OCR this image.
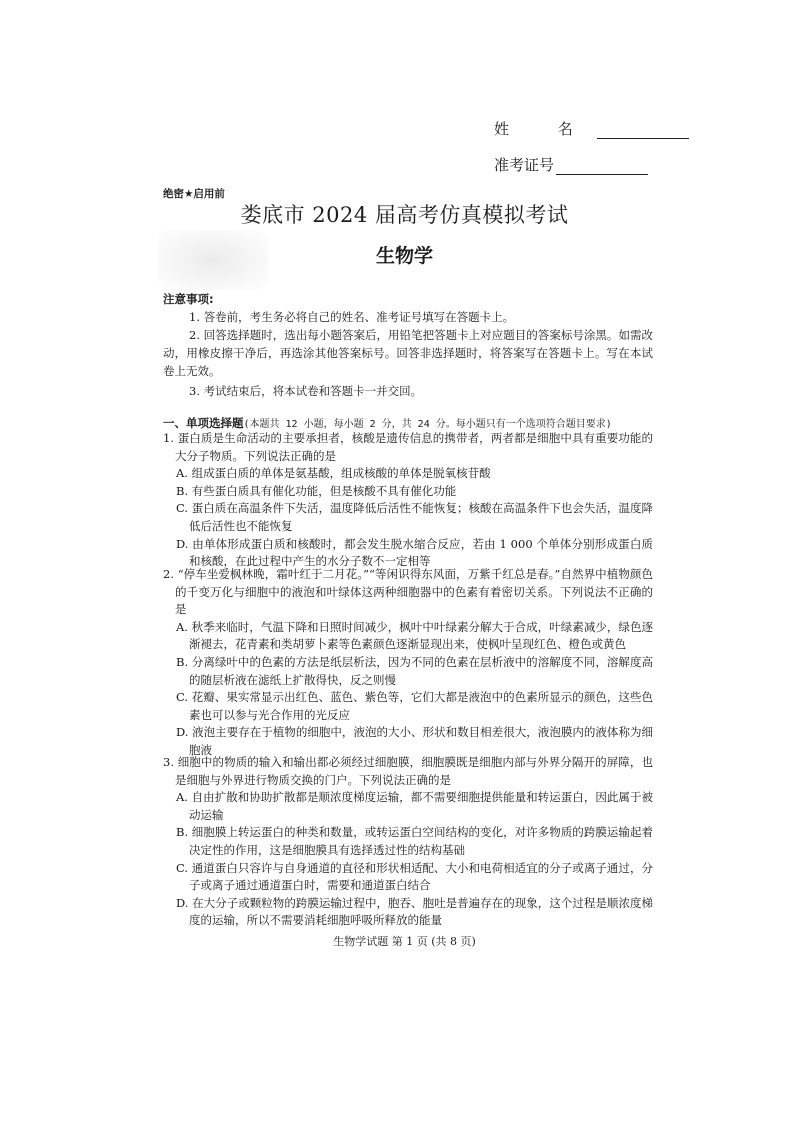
姓 名
准考证号
绝密★启用前
娄底市 2024 届高考仿真模拟考试
生物学
注意事项:
1. 答卷前，考生务必将自己的姓名、准考证号填写在答题卡上。
2. 回答选择题时，选出每小题答案后，用铅笔把答题卡上对应题目的答案标号涂黑。如需改动，用橡皮擦干净后，再选涂其他答案标号。回答非选择题时，将答案写在答题卡上。写在本试卷上无效。
3. 考试结束后，将本试卷和答题卡一并交回。
一、单项选择题(本题共 12 小题，每小题 2 分，共 24 分。每小题只有一个选项符合题目要求)
1. 蛋白质是生命活动的主要承担者，核酸是遗传信息的携带者，两者都是细胞中具有重要功能的大分子物质。下列说法正确的是
A. 组成蛋白质的单体是氨基酸，组成核酸的单体是脱氧核苷酸
B. 有些蛋白质具有催化功能，但是核酸不具有催化功能
C. 蛋白质在高温条件下失活，温度降低后活性不能恢复；核酸在高温条件下也会失活，温度降低后活性也不能恢复
D. 由单体形成蛋白质和核酸时，都会发生脱水缩合反应，若由 1 000 个单体分别形成蛋白质和核酸，在此过程中产生的水分子数不一定相等
2. “停车坐爱枫林晚，霜叶红于二月花。”“等闲识得东风面，万紫千红总是春。”自然界中植物颜色的千变万化与细胞中的液泡和叶绿体这两种细胞器中的色素有着密切关系。下列说法不正确的是
A. 秋季来临时，气温下降和日照时间减少，枫叶中叶绿素分解大于合成，叶绿素减少，绿色逐渐褪去，花青素和类胡萝卜素等色素颜色逐渐显现出来，使枫叶呈现红色、橙色或黄色
B. 分离绿叶中的色素的方法是纸层析法，因为不同的色素在层析液中的溶解度不同，溶解度高的随层析液在滤纸上扩散得快，反之则慢
C. 花瓣、果实常显示出红色、蓝色、紫色等，它们大都是液泡中的色素所显示的颜色，这些色素也可以参与光合作用的光反应
D. 液泡主要存在于植物的细胞中，液泡的大小、形状和数目相差很大，液泡膜内的液体称为细胞液
3. 细胞中的物质的输入和输出都必须经过细胞膜，细胞膜既是细胞内部与外界分隔开的屏障，也是细胞与外界进行物质交换的门户。下列说法正确的是
A. 自由扩散和协助扩散都是顺浓度梯度运输，都不需要细胞提供能量和转运蛋白，因此属于被动运输
B. 细胞膜上转运蛋白的种类和数量，或转运蛋白空间结构的变化，对许多物质的跨膜运输起着决定性的作用，这是细胞膜具有选择透过性的结构基础
C. 通道蛋白只容许与自身通道的直径和形状相适配、大小和电荷相适宜的分子或离子通过，分子或离子通过通道蛋白时，需要和通道蛋白结合
D. 在大分子或颗粒物的跨膜运输过程中，胞吞、胞吐是普遍存在的现象，这个过程是顺浓度梯度的运输，所以不需要消耗细胞呼吸所释放的能量
生物学试题 第 1 页 (共 8 页)
